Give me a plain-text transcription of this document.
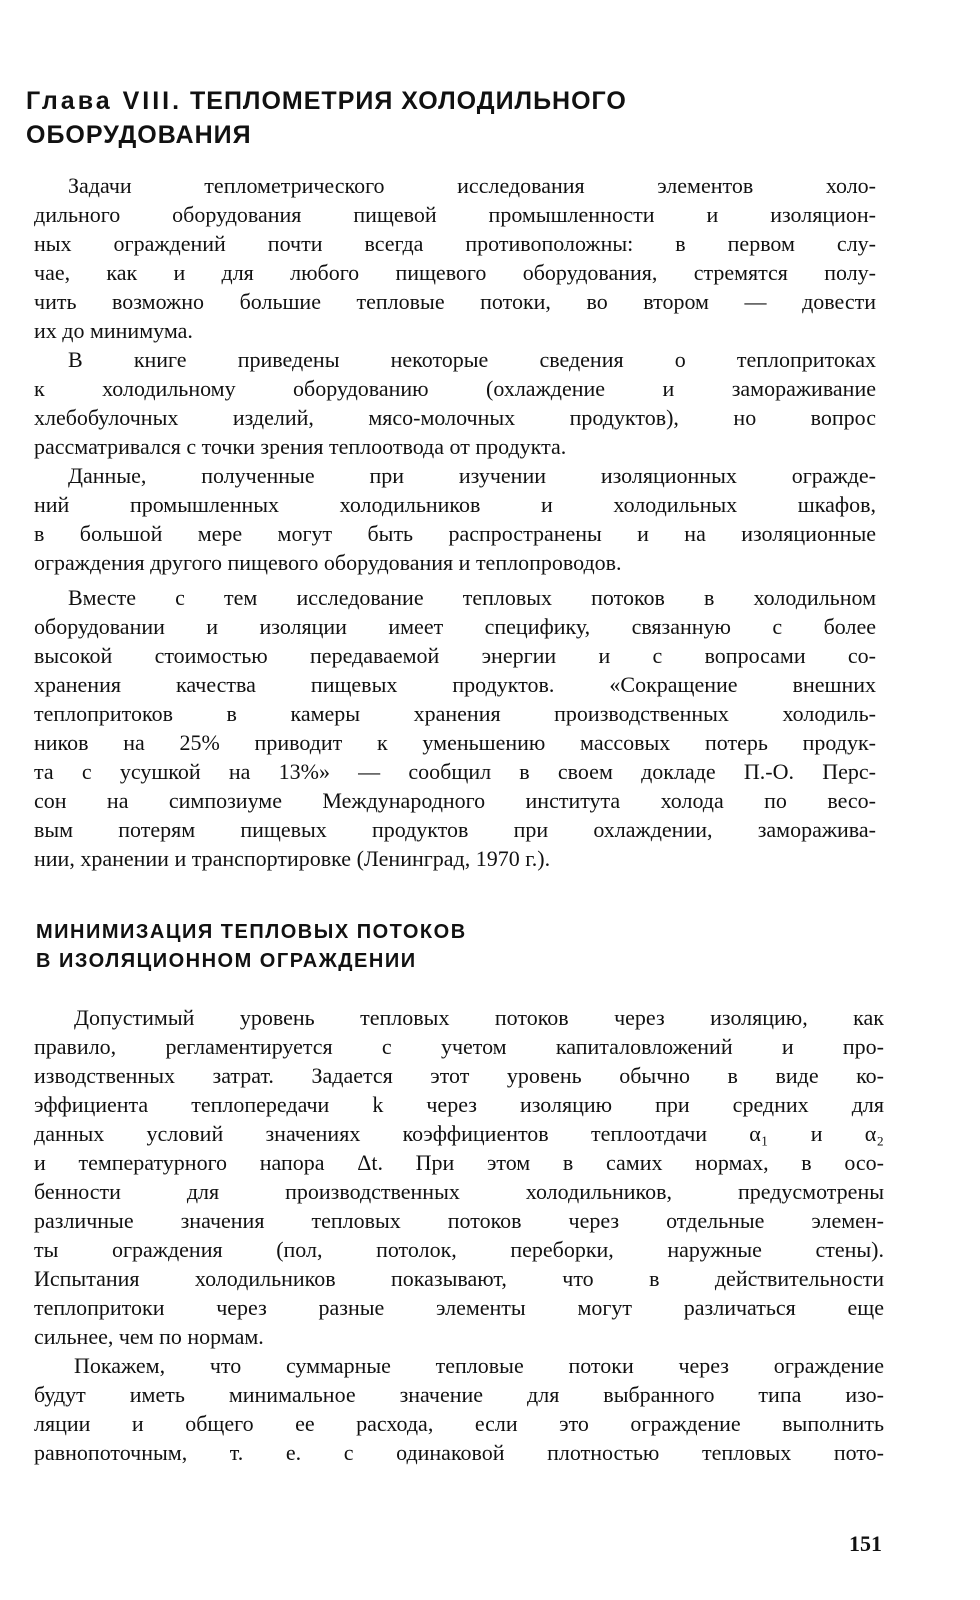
Глава VIII. ТЕПЛОМЕТРИЯ ХОЛОДИЛЬНОГО
ОБОРУДОВАНИЯ
Задачи теплометрического исследования элементов холо-
дильного оборудования пищевой промышленности и изоляцион-
ных ограждений почти всегда противоположны: в первом слу-
чае, как и для любого пищевого оборудования, стремятся полу-
чить возможно большие тепловые потоки, во втором — довести
их до минимума.
В книге приведены некоторые сведения о теплопритоках
к холодильному оборудованию (охлаждение и замораживание
хлебобулочных изделий, мясо-молочных продуктов), но вопрос
рассматривался с точки зрения теплоотвода от продукта.
Данные, полученные при изучении изоляционных огражде-
ний промышленных холодильников и холодильных шкафов,
в большой мере могут быть распространены и на изоляционные
ограждения другого пищевого оборудования и теплопроводов.
Вместе с тем исследование тепловых потоков в холодильном
оборудовании и изоляции имеет специфику, связанную с более
высокой стоимостью передаваемой энергии и с вопросами со-
хранения качества пищевых продуктов. «Сокращение внешних
теплопритоков в камеры хранения производственных холодиль-
ников на 25% приводит к уменьшению массовых потерь продук-
та с усушкой на 13%» — сообщил в своем докладе П.-О. Перс-
сон на симпозиуме Международного института холода по весо-
вым потерям пищевых продуктов при охлаждении, заморажива-
нии, хранении и транспортировке (Ленинград, 1970 г.).
МИНИМИЗАЦИЯ ТЕПЛОВЫХ ПОТОКОВ
В ИЗОЛЯЦИОННОМ ОГРАЖДЕНИИ
Допустимый уровень тепловых потоков через изоляцию, как
правило, регламентируется с учетом капиталовложений и про-
изводственных затрат. Задается этот уровень обычно в виде ко-
эффициента теплопередачи k через изоляцию при средних для
данных условий значениях коэффициентов теплоотдачи α₁ и α₂
и температурного напора Δt. При этом в самих нормах, в осо-
бенности для производственных холодильников, предусмотрены
различные значения тепловых потоков через отдельные элемен-
ты ограждения (пол, потолок, переборки, наружные стены).
Испытания холодильников показывают, что в действительности
теплопритоки через разные элементы могут различаться еще
сильнее, чем по нормам.
Покажем, что суммарные тепловые потоки через ограждение
будут иметь минимальное значение для выбранного типа изо-
ляции и общего ее расхода, если это ограждение выполнить
равнопоточным, т. е. с одинаковой плотностью тепловых пото-
151
